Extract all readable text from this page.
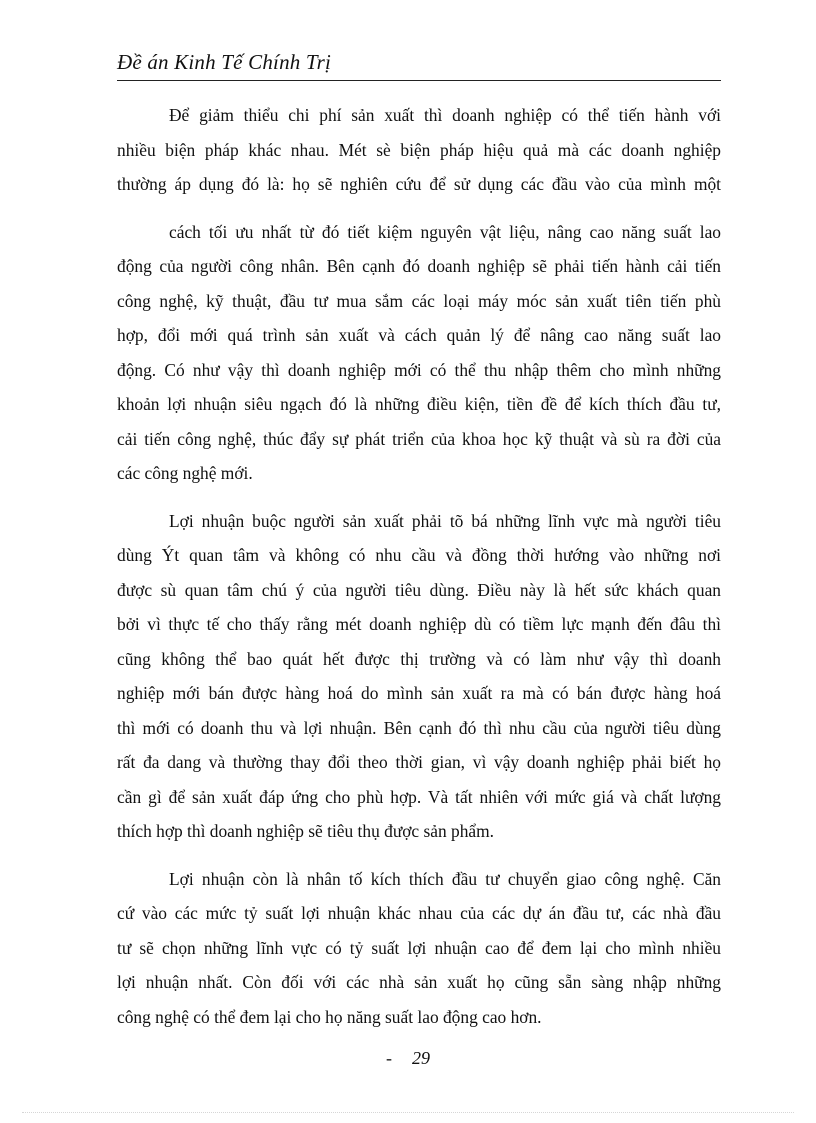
Đề án Kinh Tế Chính Trị
Để giảm thiểu chi phí sản xuất thì doanh nghiệp có thể tiến hành với
nhiều biện pháp khác nhau. Mét sè biện pháp hiệu quả mà các doanh nghiệp
thường áp dụng đó là: họ sẽ nghiên cứu để sử dụng các đầu vào của mình một
cách tối ưu nhất từ đó tiết kiệm nguyên vật liệu, nâng cao năng suất lao
động của người công nhân. Bên cạnh đó doanh nghiệp sẽ phải tiến hành cải tiến
công nghệ, kỹ thuật, đầu tư mua sắm các loại máy móc sản xuất tiên tiến phù
hợp, đổi mới quá trình sản xuất và cách quản lý để nâng cao năng suất lao
động. Có như vậy thì doanh nghiệp mới có thể thu nhập thêm cho mình những
khoản lợi nhuận siêu ngạch đó là những điều kiện, tiền đề để kích thích đầu tư,
cải tiến công nghệ, thúc đẩy sự phát triển của khoa học kỹ thuật và sù ra đời của
các công nghệ mới.
Lợi nhuận buộc người sản xuất phải tõ bá những lĩnh vực mà người tiêu
dùng Ýt quan tâm và không có nhu cầu và đồng thời hướng vào những nơi
được sù quan tâm chú ý của người tiêu dùng. Điều này là hết sức khách quan
bởi vì thực tế cho thấy rằng mét doanh nghiệp dù có tiềm lực mạnh đến đâu thì
cũng không thể bao quát hết được thị trường và có làm như vậy thì doanh
nghiệp mới bán được hàng hoá do mình sản xuất ra mà có bán được hàng hoá
thì mới có doanh thu và lợi nhuận. Bên cạnh đó thì nhu cầu của người tiêu dùng
rất đa dang và thường thay đổi theo thời gian, vì vậy doanh nghiệp phải biết họ
cần gì để sản xuất đáp ứng cho phù hợp. Và tất nhiên với mức giá và chất lượng
thích hợp thì doanh nghiệp sẽ tiêu thụ được sản phẩm.
Lợi nhuận còn là nhân tố kích thích đầu tư chuyển giao công nghệ. Căn
cứ vào các mức tỷ suất lợi nhuận khác nhau của các dự án đầu tư, các nhà đầu
tư sẽ chọn những lĩnh vực có tỷ suất lợi nhuận cao để đem lại cho mình nhiều
lợi nhuận nhất. Còn đối với các nhà sản xuất họ cũng sẵn sàng nhập những
công nghệ có thể đem lại cho họ năng suất lao động cao hơn.
- 29
